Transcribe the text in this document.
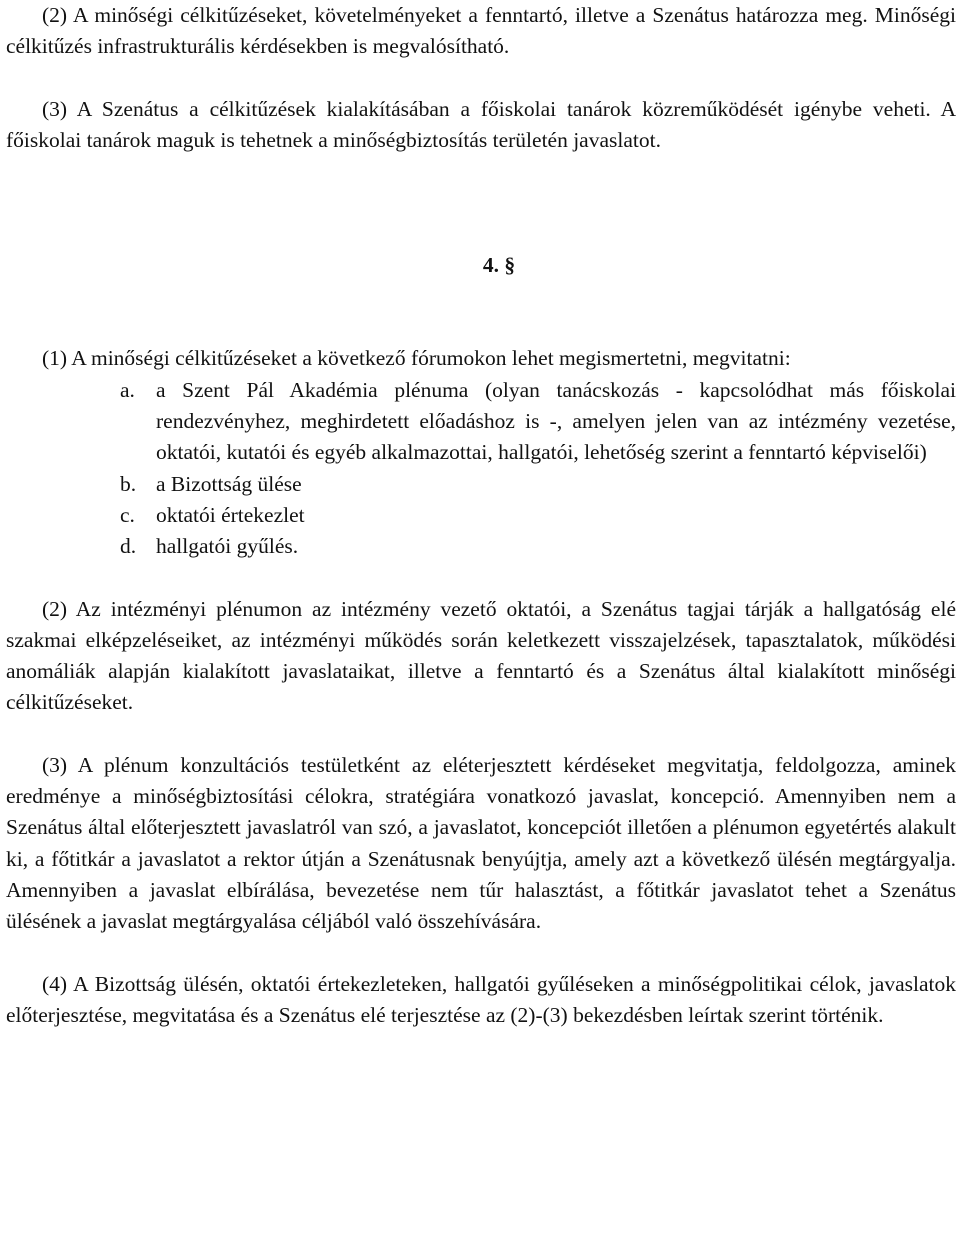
(2) A minőségi célkitűzéseket, követelményeket a fenntartó, illetve a Szenátus határozza meg. Minőségi célkitűzés infrastrukturális kérdésekben is megvalósítható.

(3) A Szenátus a célkitűzések kialakításában a főiskolai tanárok közreműködését igénybe veheti. A főiskolai tanárok maguk is tehetnek a minőségbiztosítás területén javaslatot.

4. §

(1) A minőségi célkitűzéseket a következő fórumokon lehet megismertetni, megvitatni:

a. a Szent Pál Akadémia plénuma (olyan tanácskozás - kapcsolódhat más főiskolai rendezvényhez, meghirdetett előadáshoz is -, amelyen jelen van az intézmény vezetése, oktatói, kutatói és egyéb alkalmazottai, hallgatói, lehetőség szerint a fenntartó képviselői)
b. a Bizottság ülése
c. oktatói értekezlet
d. hallgatói gyűlés.

(2) Az intézményi plénumon az intézmény vezető oktatói, a Szenátus tagjai tárják a hallgatóság elé szakmai elképzeléseiket, az intézményi működés során keletkezett visszajelzések, tapasztalatok, működési anomáliák alapján kialakított javaslataikat, illetve a fenntartó és a Szenátus által kialakított minőségi célkitűzéseket.

(3) A plénum konzultációs testületként az eléterjesztett kérdéseket megvitatja, feldolgozza, aminek eredménye a minőségbiztosítási célokra, stratégiára vonatkozó javaslat, koncepció. Amennyiben nem a Szenátus által előterjesztett javaslatról van szó, a javaslatot, koncepciót illetően a plénumon egyetértés alakult ki, a főtitkár a javaslatot a rektor útján a Szenátusnak benyújtja, amely azt a következő ülésén megtárgyalja. Amennyiben a javaslat elbírálása, bevezetése nem tűr halasztást, a főtitkár javaslatot tehet a Szenátus ülésének a javaslat megtárgyalása céljából való összehívására.

(4) A Bizottság ülésén, oktatói értekezleteken, hallgatói gyűléseken a minőségpolitikai célok, javaslatok előterjesztése, megvitatása és a Szenátus elé terjesztése az (2)-(3) bekezdésben leírtak szerint történik.
